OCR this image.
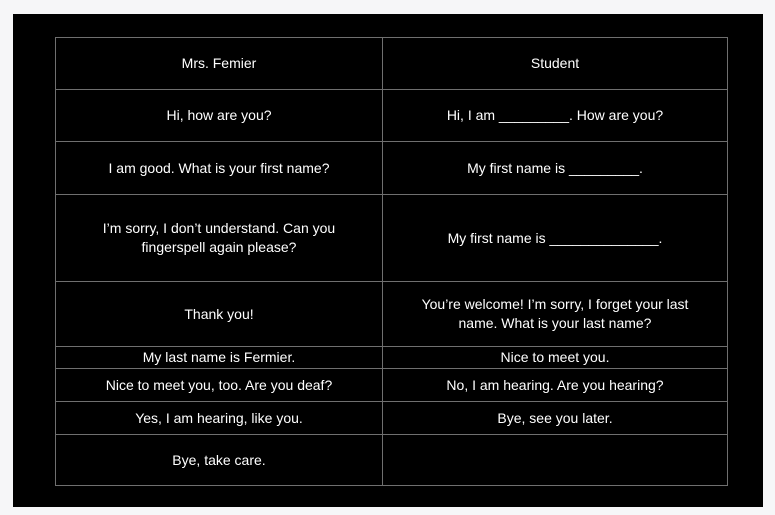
Mrs. Femier	Student
Hi, how are you?	Hi, I am _________. How are you?
I am good. What is your first name?	My first name is _________.
I’m sorry, I don’t understand. Can you fingerspell again please?	My first name is ______________.
Thank you!	You’re welcome! I’m sorry, I forget your last name. What is your last name?
My last name is Fermier.	Nice to meet you.
Nice to meet you, too. Are you deaf?	No, I am hearing. Are you hearing?
Yes, I am hearing, like you.	Bye, see you later.
Bye, take care.	
